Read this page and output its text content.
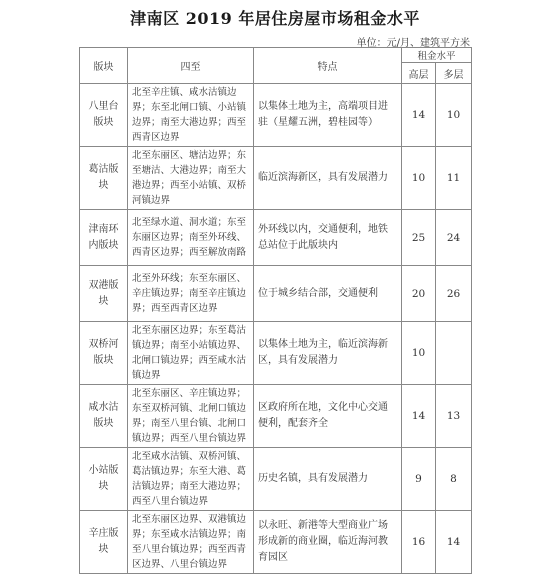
津南区 2019 年居住房屋市场租金水平
单位：元/月、建筑平方米
版块	四至	特点	租金水平	
			高层	多层
八里台版块	北至辛庄镇、咸水沽镇边界；东至北闸口镇、小站镇边界；南至大港边界；西至西青区边界	以集体土地为主，高端项目进驻（星耀五洲，碧桂园等）	14	10
葛沽版块	北至东丽区、塘沽边界；东至塘沽、大港边界；南至大港边界；西至小站镇、双桥河镇边界	临近滨海新区，具有发展潜力	10	11
津南环内版块	北至绿水道、洞水道；东至东丽区边界；南至外环线、西青区边界；西至解放南路	外环线以内，交通便利，地铁总站位于此版块内	25	24
双港版块	北至外环线；东至东丽区、辛庄镇边界；南至辛庄镇边界；西至西青区边界	位于城乡结合部，交通便利	20	26
双桥河版块	北至东丽区边界；东至葛沽镇边界；南至小站镇边界、北闸口镇边界；西至咸水沽镇边界	以集体土地为主，临近滨海新区，具有发展潜力	10	
咸水沽版块	北至东丽区、辛庄镇边界；东至双桥河镇、北闸口镇边界；南至八里台镇、北闸口镇边界；西至八里台镇边界	区政府所在地，文化中心交通便利，配套齐全	14	13
小站版块	北至咸水沽镇、双桥河镇、葛沽镇边界；东至大港、葛沽镇边界；南至大港边界；西至八里台镇边界	历史名镇，具有发展潜力	9	8
辛庄版块	北至东丽区边界、双港镇边界；东至咸水沽镇边界；南至八里台镇边界；西至西青区边界、八里台镇边界	以永旺、新港等大型商业广场形成新的商业圈，临近海河教育园区	16	14
